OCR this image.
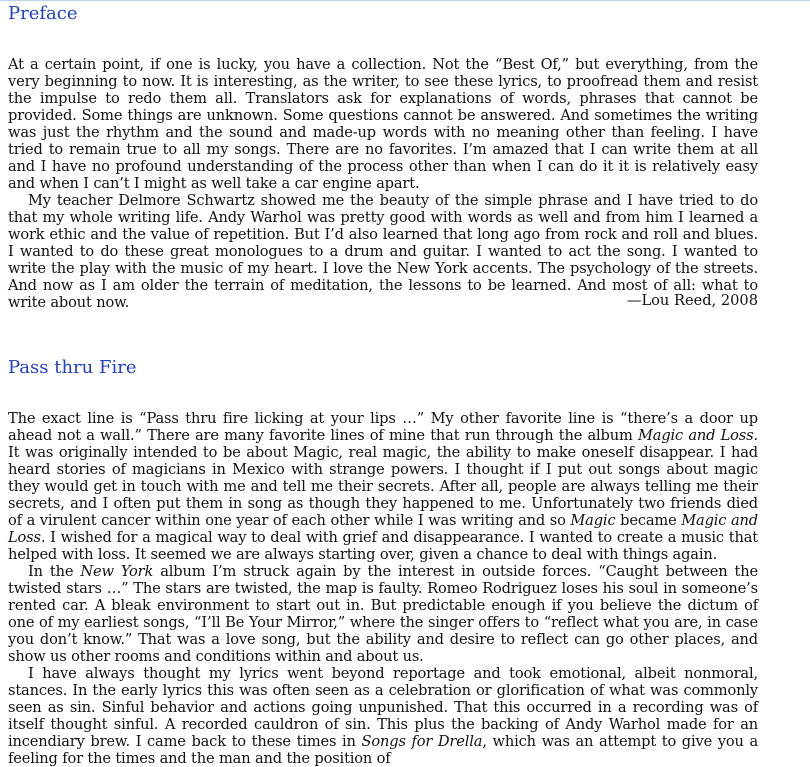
Preface

At a certain point, if one is lucky, you have a collection. Not the “Best Of,” but everything, from the very beginning to now. It is interesting, as the writer, to see these lyrics, to proofread them and resist the impulse to redo them all. Translators ask for explanations of words, phrases that cannot be provided. Some things are unknown. Some questions cannot be answered. And sometimes the writing was just the rhythm and the sound and made-up words with no meaning other than feeling. I have tried to remain true to all my songs. There are no favorites. I’m amazed that I can write them at all and I have no profound understanding of the process other than when I can do it it is relatively easy and when I can’t I might as well take a car engine apart.

My teacher Delmore Schwartz showed me the beauty of the simple phrase and I have tried to do that my whole writing life. Andy Warhol was pretty good with words as well and from him I learned a work ethic and the value of repetition. But I’d also learned that long ago from rock and roll and blues. I wanted to do these great monologues to a drum and guitar. I wanted to act the song. I wanted to write the play with the music of my heart. I love the New York accents. The psychology of the streets. And now as I am older the terrain of meditation, the lessons to be learned. And most of all: what to write about now.	—Lou Reed, 2008
Pass thru Fire

The exact line is “Pass thru fire licking at your lips …” My other favorite line is “there’s a door up ahead not a wall.” There are many favorite lines of mine that run through the album Magic and Loss. It was originally intended to be about Magic, real magic, the ability to make oneself disappear. I had heard stories of magicians in Mexico with strange powers. I thought if I put out songs about magic they would get in touch with me and tell me their secrets. After all, people are always telling me their secrets, and I often put them in song as though they happened to me. Unfortunately two friends died of a virulent cancer within one year of each other while I was writing and so Magic became Magic and Loss. I wished for a magical way to deal with grief and disappearance. I wanted to create a music that helped with loss. It seemed we are always starting over, given a chance to deal with things again.

In the New York album I’m struck again by the interest in outside forces. “Caught between the twisted stars …” The stars are twisted, the map is faulty. Romeo Rodriguez loses his soul in someone’s rented car. A bleak environment to start out in. But predictable enough if you believe the dictum of one of my earliest songs, “I’ll Be Your Mirror,” where the singer offers to “reflect what you are, in case you don’t know.” That was a love song, but the ability and desire to reflect can go other places, and show us other rooms and conditions within and about us.

I have always thought my lyrics went beyond reportage and took emotional, albeit nonmoral, stances. In the early lyrics this was often seen as a celebration or glorification of what was commonly seen as sin. Sinful behavior and actions going unpunished. That this occurred in a recording was of itself thought sinful. A recorded cauldron of sin. This plus the backing of Andy Warhol made for an incendiary brew. I came back to these times in Songs for Drella, which was an attempt to give you a feeling for the times and the man and the position of
